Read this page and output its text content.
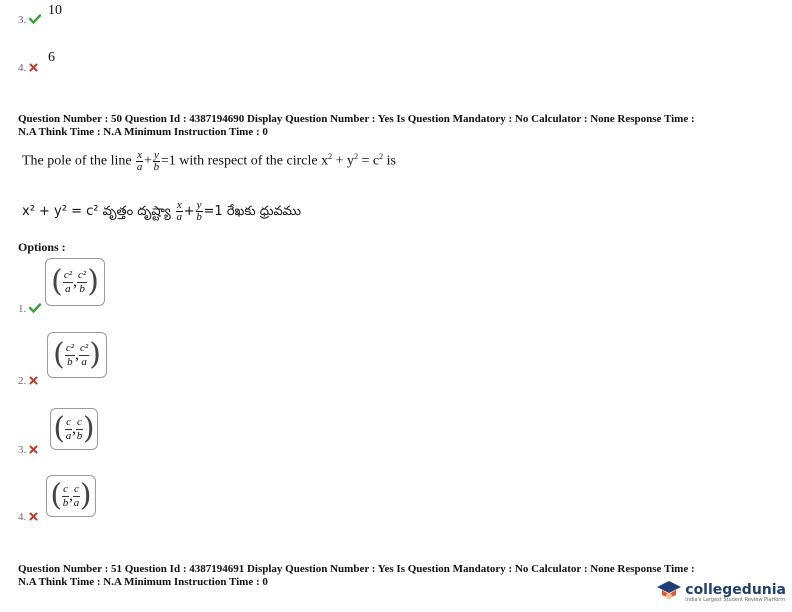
10
3.
6
4.
Question Number : 50 Question Id : 4387194690 Display Question Number : Yes Is Question Mandatory : No Calculator : None Response Time :
N.A Think Time : N.A Minimum Instruction Time : 0
The pole of the line $\frac{x}{a} + \frac{y}{b} =1$ with respect of the circle $x^2 + y^2 = c^2$ is
x² + y² = c² వృత్తం దృష్ట్యా $\frac{x}{a} + \frac{y}{b} =1$ రేఖకు ధ్రువము
Options :
( $\frac{\text{c²}}{a}$ , $\frac{\text{c²}}{b}$ )
1.
( $\frac{\text{c²}}{b}$ , $\frac{\text{c²}}{a}$ )
2.
( $\frac{c}{a}$ , $\frac{c}{b}$ )
3.
( $\frac{c}{b}$ , $\frac{c}{a}$ )
4.
Question Number : 51 Question Id : 4387194691 Display Question Number : Yes Is Question Mandatory : No Calculator : None Response Time :
N.A Think Time : N.A Minimum Instruction Time : 0	collegedunia
India's Largest Student Review Platform
